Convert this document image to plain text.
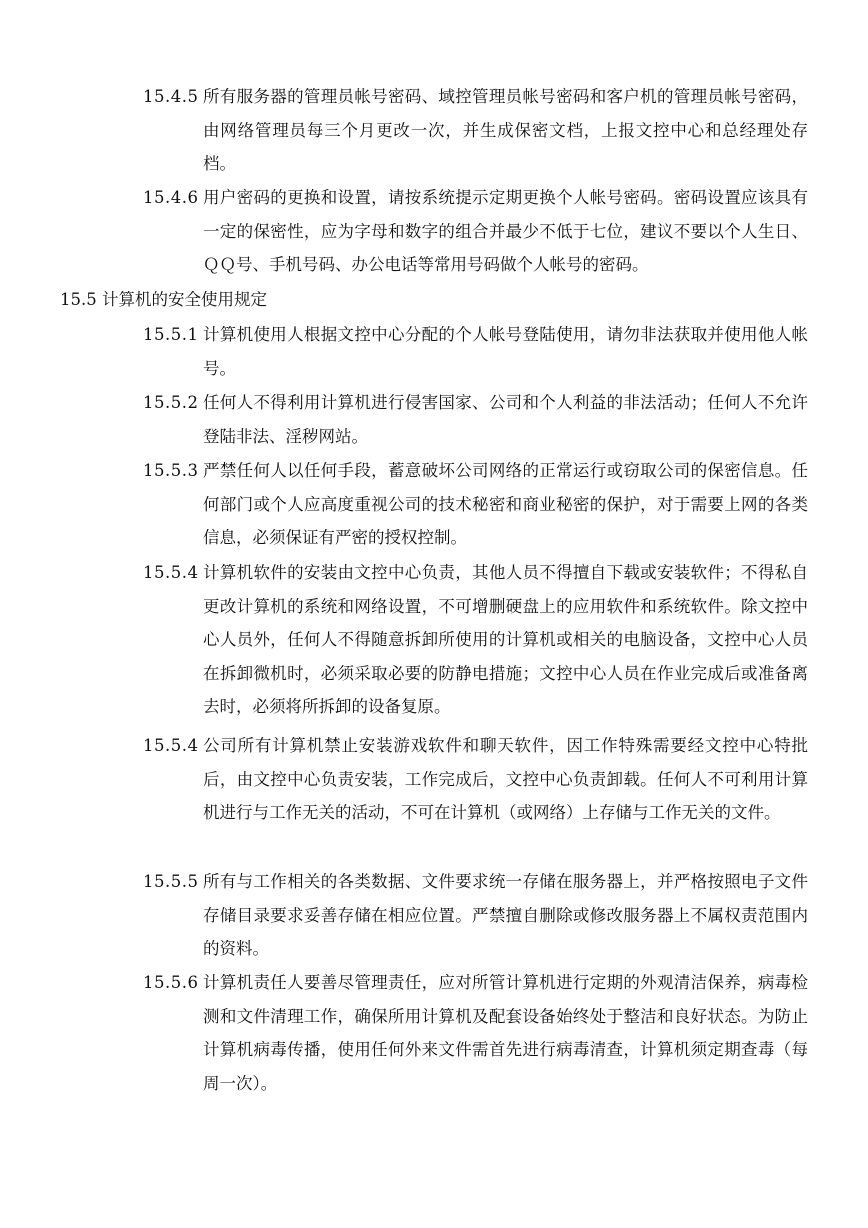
15.4.5 所有服务器的管理员帐号密码、域控管理员帐号密码和客户机的管理员帐号密码，由网络管理员每三个月更改一次，并生成保密文档，上报文控中心和总经理处存档。
15.4.6 用户密码的更换和设置，请按系统提示定期更换个人帐号密码。密码设置应该具有一定的保密性，应为字母和数字的组合并最少不低于七位，建议不要以个人生日、ＱＱ号、手机号码、办公电话等常用号码做个人帐号的密码。
15.5 计算机的安全使用规定
15.5.1 计算机使用人根据文控中心分配的个人帐号登陆使用，请勿非法获取并使用他人帐号。
15.5.2 任何人不得利用计算机进行侵害国家、公司和个人利益的非法活动；任何人不允许登陆非法、淫秽网站。
15.5.3 严禁任何人以任何手段，蓄意破坏公司网络的正常运行或窃取公司的保密信息。任何部门或个人应高度重视公司的技术秘密和商业秘密的保护，对于需要上网的各类信息，必须保证有严密的授权控制。
15.5.4 计算机软件的安装由文控中心负责，其他人员不得擅自下载或安装软件；不得私自更改计算机的系统和网络设置，不可增删硬盘上的应用软件和系统软件。除文控中心人员外，任何人不得随意拆卸所使用的计算机或相关的电脑设备，文控中心人员在拆卸微机时，必须采取必要的防静电措施；文控中心人员在作业完成后或准备离去时，必须将所拆卸的设备复原。
15.5.4 公司所有计算机禁止安装游戏软件和聊天软件，因工作特殊需要经文控中心特批后，由文控中心负责安装，工作完成后，文控中心负责卸载。任何人不可利用计算机进行与工作无关的活动，不可在计算机（或网络）上存储与工作无关的文件。
15.5.5 所有与工作相关的各类数据、文件要求统一存储在服务器上，并严格按照电子文件存储目录要求妥善存储在相应位置。严禁擅自删除或修改服务器上不属权责范围内的资料。
15.5.6 计算机责任人要善尽管理责任，应对所管计算机进行定期的外观清洁保养，病毒检测和文件清理工作，确保所用计算机及配套设备始终处于整洁和良好状态。为防止计算机病毒传播，使用任何外来文件需首先进行病毒清查，计算机须定期查毒（每周一次）。
